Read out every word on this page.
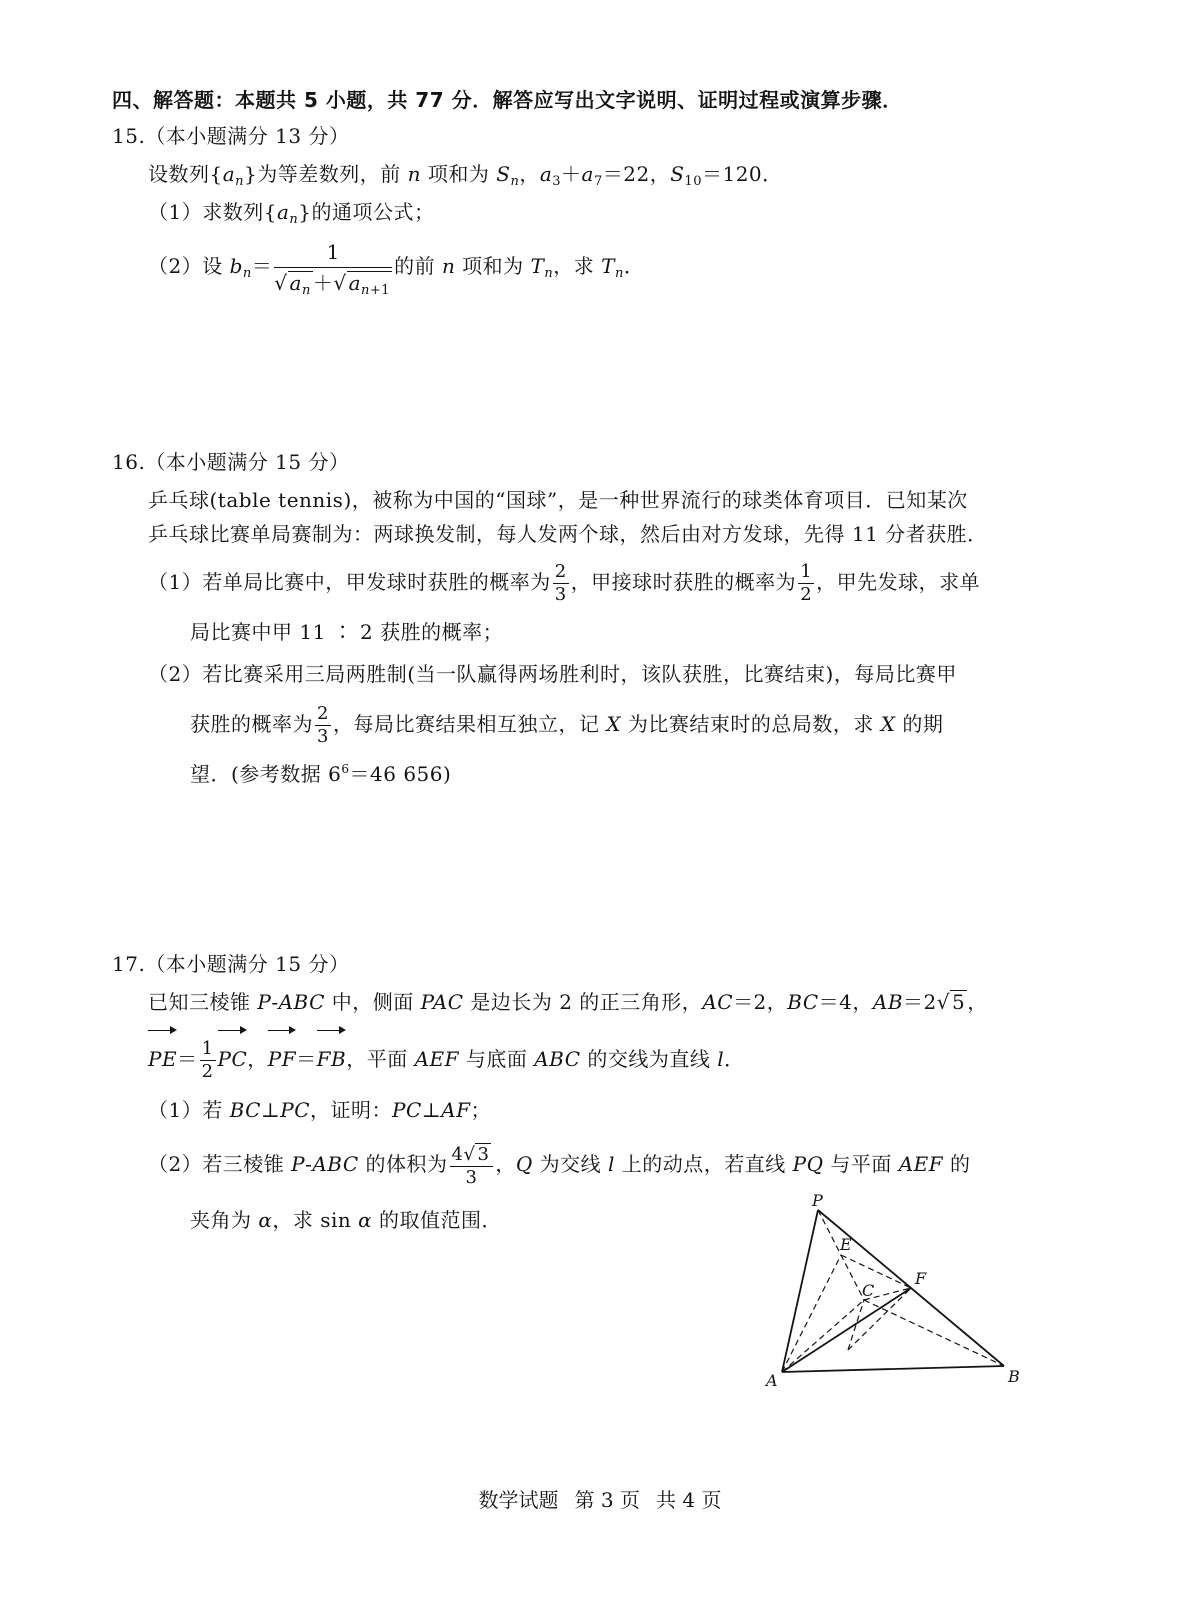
四、解答题：本题共 5 小题，共 77 分．解答应写出文字说明、证明过程或演算步骤．
15.（本小题满分 13 分）
设数列$\{a_n\}$为等差数列，前 n 项和为 $S_n$，$a_3+a_7=22$，$S_{10}=120$．
（1）求数列$\{a_n\}$的通项公式；
（2）设 $b_n= \frac{1}{√ a_n +√ a_{n+1}}$ 的前 n 项和为 $T_n$，求 $T_n$．
16.（本小题满分 15 分）
乒乓球(table tennis)，被称为中国的“国球”，是一种世界流行的球类体育项目．已知某次
乒乓球比赛单局赛制为：两球换发制，每人发两个球，然后由对方发球，先得 11 分者获胜．
（1）若单局比赛中，甲发球时获胜的概率为 $\frac{2}{3}$ ，甲接球时获胜的概率为 $\frac{1}{2}$ ，甲先发球，求单
局比赛中甲 11 ∶ 2 获胜的概率；
（2）若比赛采用三局两胜制(当一队赢得两场胜利时，该队获胜，比赛结束)，每局比赛甲
获胜的概率为 $\frac{2}{3}$ ，每局比赛结果相互独立，记 X 为比赛结束时的总局数，求 X 的期
望．(参考数据 $6^6=46$ 656)
17.（本小题满分 15 分）
已知三棱锥 P-ABC 中，侧面 PAC 是边长为 2 的正三角形，AC＝2，BC＝4，AB＝2√ 5 ，
$PE= \frac{1}{2}$ PC，PF＝FB，平面 AEF 与底面 ABC 的交线为直线 l．
（1）若 BC⊥PC，证明：PC⊥AF；
（2）若三棱锥 P-ABC 的体积为 $\frac{4√ 3}{3}$ ，Q 为交线 l 上的动点，若直线 PQ 与平面 AEF 的
夹角为 α，求 sin α 的取值范围．
P
E
F
C
A	B
数学试题 第 3 页 共 4 页
